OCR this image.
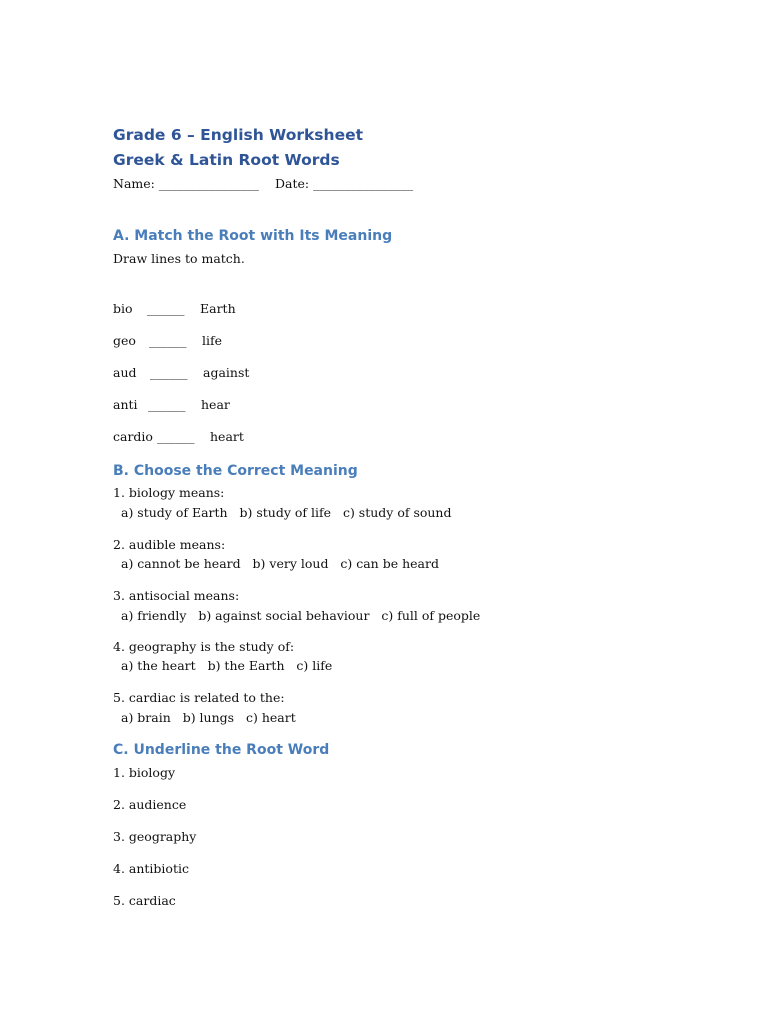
Grade 6 – English Worksheet
Greek & Latin Root Words
Name: ________________ Date: ________________
A. Match the Root with Its Meaning
Draw lines to match.
bio ______ Earth
geo ______ life
aud ______ against
anti ______ hear
cardio ______ heart
B. Choose the Correct Meaning
1. biology means:
a) study of Earth   b) study of life   c) study of sound
2. audible means:
a) cannot be heard   b) very loud   c) can be heard
3. antisocial means:
a) friendly   b) against social behaviour   c) full of people
4. geography is the study of:
a) the heart   b) the Earth   c) life
5. cardiac is related to the:
a) brain   b) lungs   c) heart
C. Underline the Root Word
1. biology
2. audience
3. geography
4. antibiotic
5. cardiac
